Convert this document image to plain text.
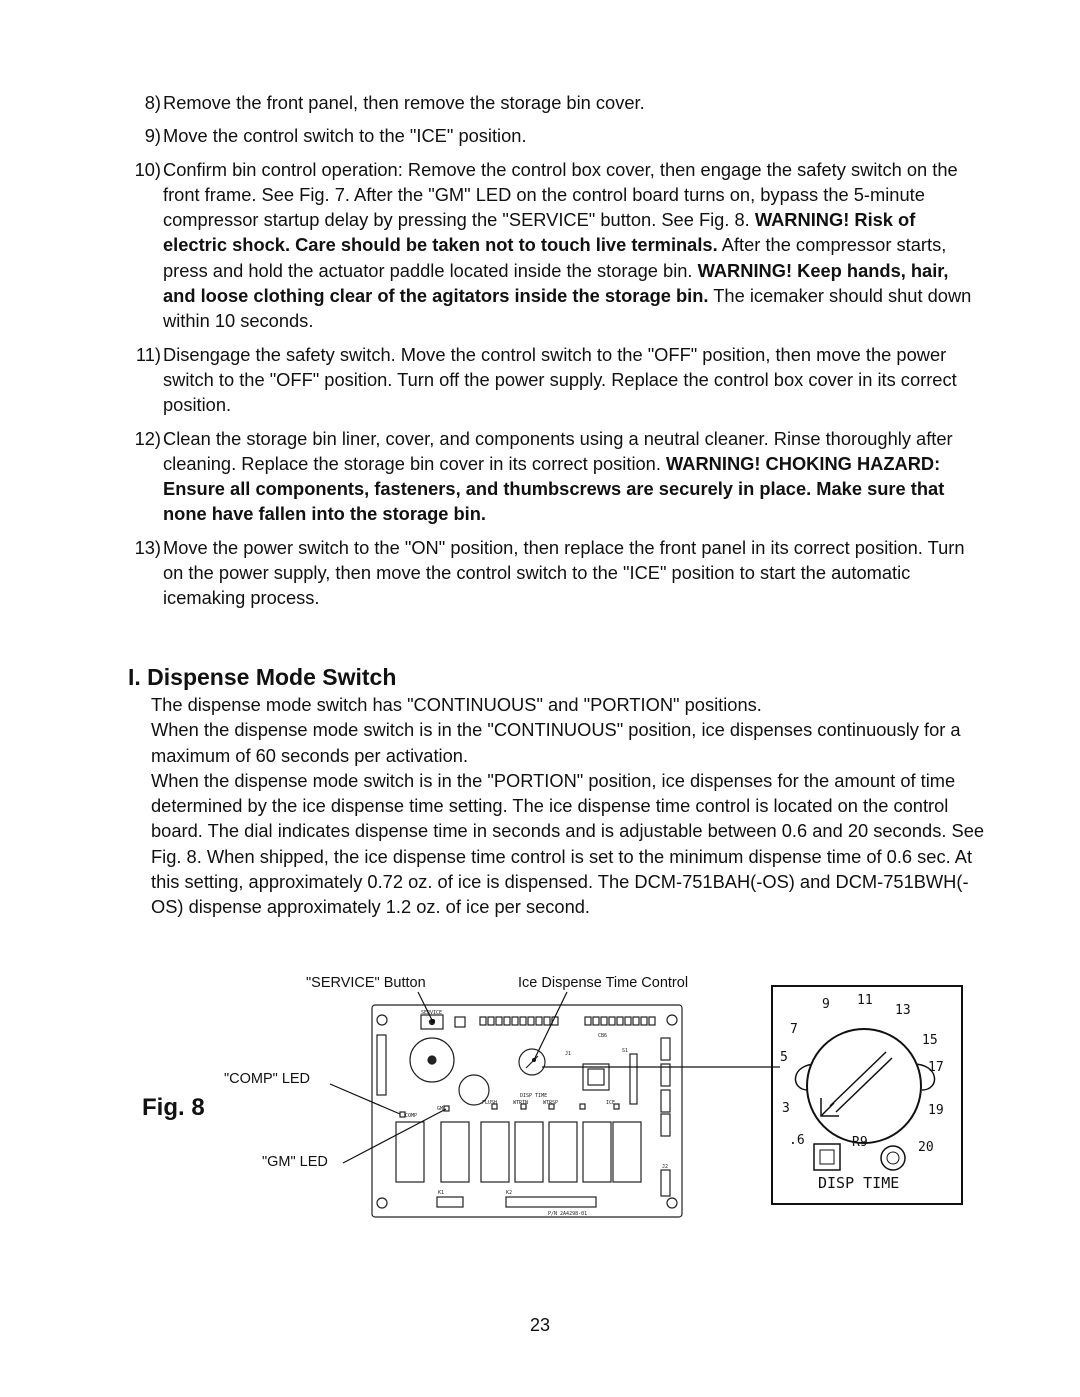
8) Remove the front panel, then remove the storage bin cover.
9) Move the control switch to the "ICE" position.
10) Confirm bin control operation: Remove the control box cover, then engage the safety switch on the front frame. See Fig. 7. After the "GM" LED on the control board turns on, bypass the 5-minute compressor startup delay by pressing the "SERVICE" button. See Fig. 8. WARNING! Risk of electric shock. Care should be taken not to touch live terminals. After the compressor starts, press and hold the actuator paddle located inside the storage bin. WARNING! Keep hands, hair, and loose clothing clear of the agitators inside the storage bin. The icemaker should shut down within 10 seconds.
11) Disengage the safety switch. Move the control switch to the "OFF" position, then move the power switch to the "OFF" position. Turn off the power supply. Replace the control box cover in its correct position.
12) Clean the storage bin liner, cover, and components using a neutral cleaner. Rinse thoroughly after cleaning. Replace the storage bin cover in its correct position. WARNING! CHOKING HAZARD: Ensure all components, fasteners, and thumbscrews are securely in place. Make sure that none have fallen into the storage bin.
13) Move the power switch to the "ON" position, then replace the front panel in its correct position. Turn on the power supply, then move the control switch to the "ICE" position to start the automatic icemaking process.
I. Dispense Mode Switch

The dispense mode switch has "CONTINUOUS" and "PORTION" positions.

When the dispense mode switch is in the "CONTINUOUS" position, ice dispenses continuously for a maximum of 60 seconds per activation.

When the dispense mode switch is in the "PORTION" position, ice dispenses for the amount of time determined by the ice dispense time setting. The ice dispense time control is located on the control board. The dial indicates dispense time in seconds and is adjustable between 0.6 and 20 seconds. See Fig. 8. When shipped, the ice dispense time control is set to the minimum dispense time of 0.6 sec. At this setting, approximately 0.72 oz. of ice is dispensed. The DCM-751BAH(-OS) and DCM-751BWH(-OS) dispense approximately 1.2 oz. of ice per second.

Fig. 8
"SERVICE" Button	Ice Dispense Time Control
"COMP" LED
"GM" LED
SERVICE
COMP
DISP TIME
FLUSH	WTRIN	WTRSP	ICE
GM
K1	K2
J1
J2
CB6
S1
P/N 2A4298-01
9 11
13
15
17
19
20
7
5
3
.6	R9
DISP TIME
23
